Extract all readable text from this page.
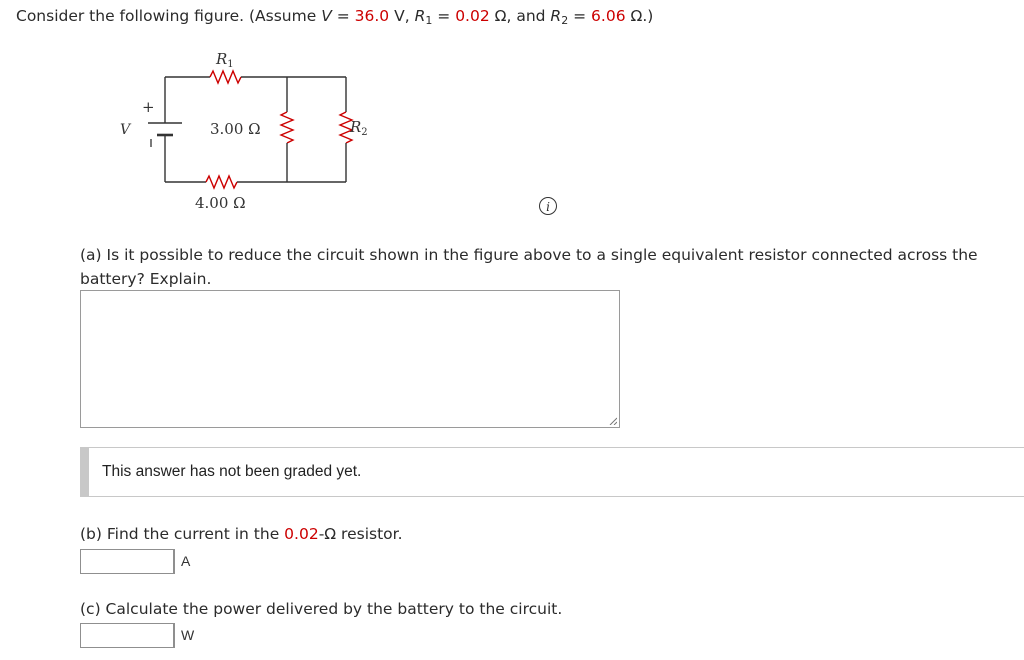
Consider the following figure. (Assume V = 36.0 V, $R_1 = 0.02$ Ω, and $R_2 = 6.06$ Ω.)
$R_1$
$R_2$
V
+
3.00 Ω
4.00 Ω	i
(a) Is it possible to reduce the circuit shown in the figure above to a single equivalent resistor connected across the battery? Explain.
This answer has not been graded yet.
(b) Find the current in the 0.02-Ω resistor.
A
(c) Calculate the power delivered by the battery to the circuit.
W
